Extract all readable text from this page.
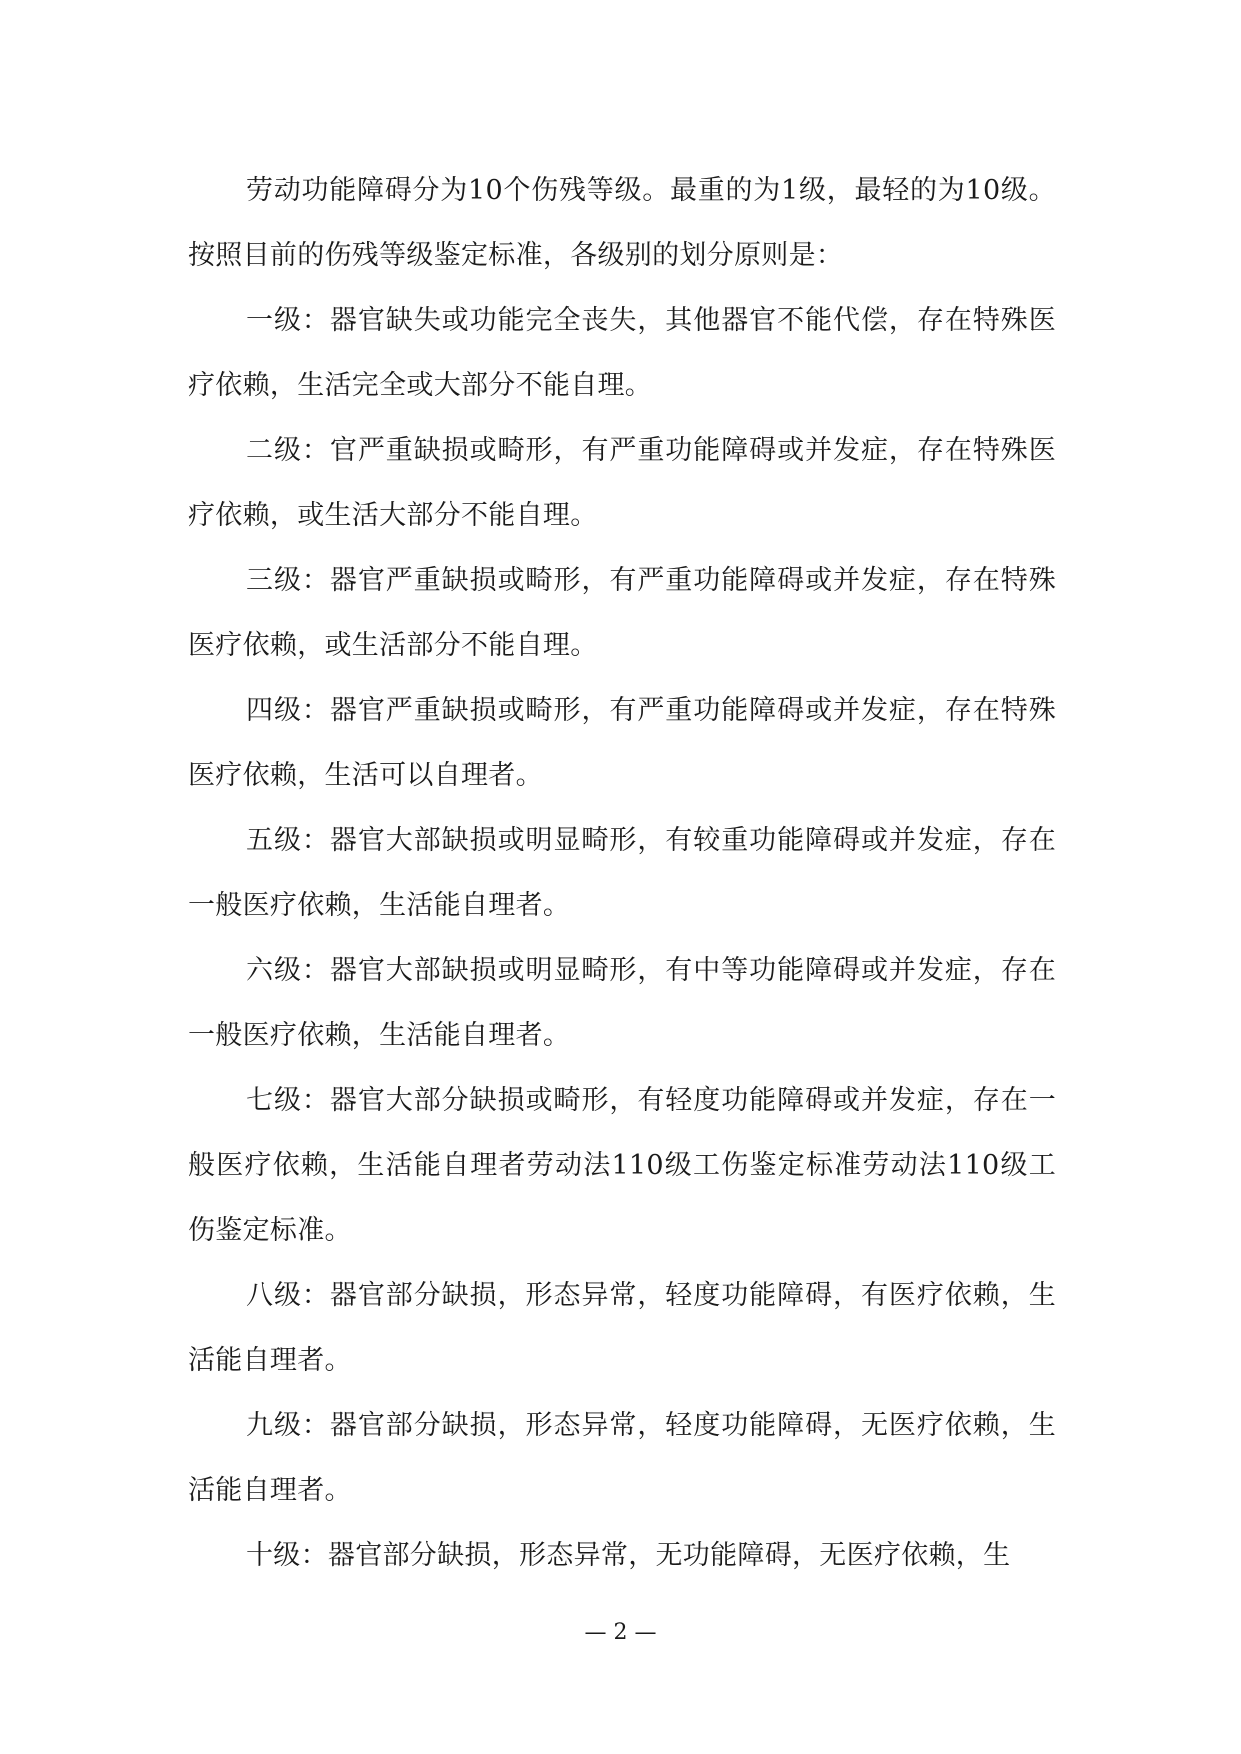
劳动功能障碍分为10个伤残等级。最重的为1级，最轻的为10级。 按照目前的伤残等级鉴定标准，各级别的划分原则是：

一级：器官缺失或功能完全丧失，其他器官不能代偿，存在特殊医疗依赖，生活完全或大部分不能自理。

二级：官严重缺损或畸形，有严重功能障碍或并发症，存在特殊医疗依赖，或生活大部分不能自理。

三级：器官严重缺损或畸形，有严重功能障碍或并发症，存在特殊医疗依赖，或生活部分不能自理。

四级：器官严重缺损或畸形，有严重功能障碍或并发症，存在特殊医疗依赖，生活可以自理者。

五级：器官大部缺损或明显畸形，有较重功能障碍或并发症，存在一般医疗依赖，生活能自理者。

六级：器官大部缺损或明显畸形，有中等功能障碍或并发症，存在一般医疗依赖，生活能自理者。

七级：器官大部分缺损或畸形，有轻度功能障碍或并发症，存在一般医疗依赖，生活能自理者劳动法110级工伤鉴定标准劳动法110级工伤鉴定标准。

八级：器官部分缺损，形态异常，轻度功能障碍，有医疗依赖，生活能自理者。

九级：器官部分缺损，形态异常，轻度功能障碍，无医疗依赖，生活能自理者。

十级：器官部分缺损，形态异常，无功能障碍，无医疗依赖，生

— 2 —
